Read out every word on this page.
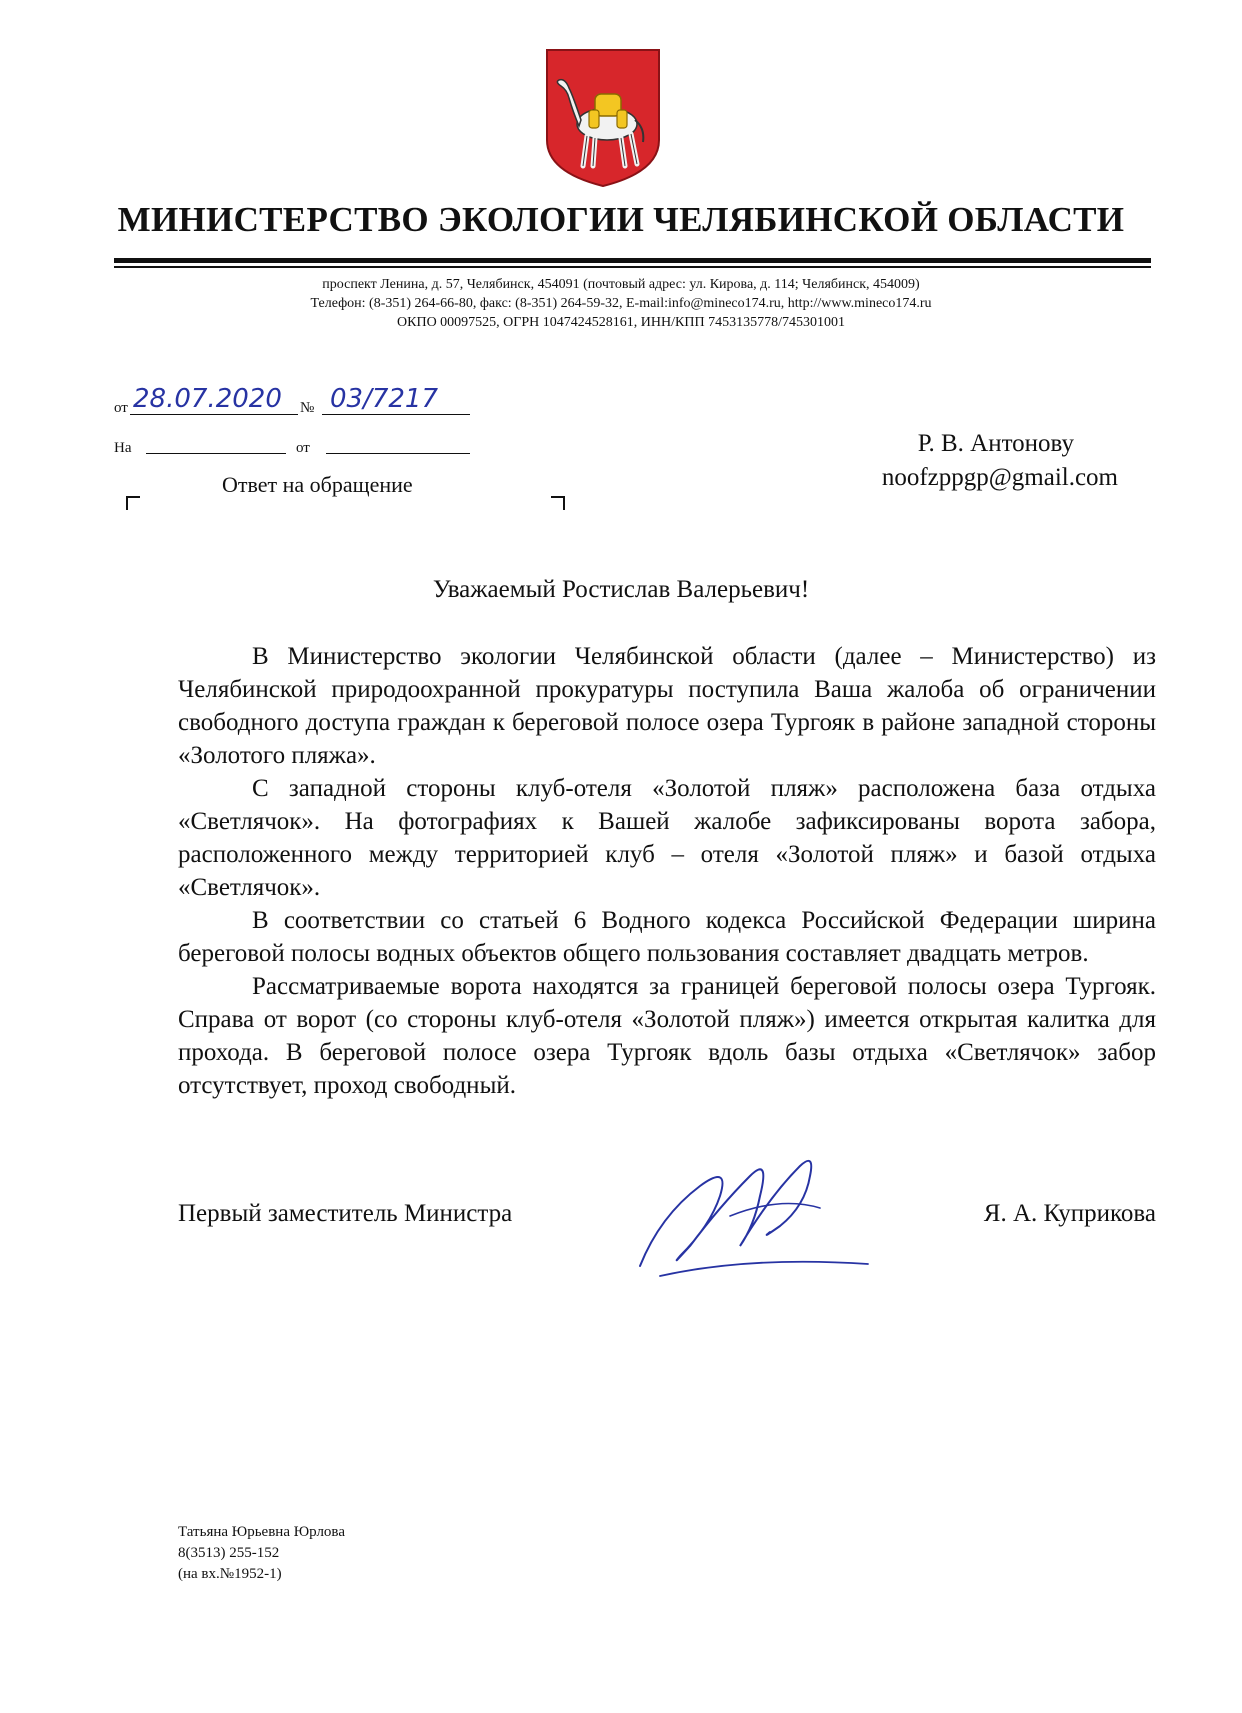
МИНИСТЕРСТВО ЭКОЛОГИИ ЧЕЛЯБИНСКОЙ ОБЛАСТИ
проспект Ленина, д. 57, Челябинск, 454091 (почтовый адрес: ул. Кирова, д. 114; Челябинск, 454009)
Телефон: (8-351) 264-66-80, факс: (8-351) 264-59-32, E-mail:info@mineco174.ru, http://www.mineco174.ru
ОКПО 00097525, ОГРН 1047424528161, ИНН/КПП 7453135778/745301001
от 28.07.2020 № 03/7217
На	от
Ответ на обращение
Р. В. Антонову
noofzppgp@gmail.com
Уважаемый Ростислав Валерьевич!

В Министерство экологии Челябинской области (далее – Министерство) из Челябинской природоохранной прокуратуры поступила Ваша жалоба об ограничении свободного доступа граждан к береговой полосе озера Тургояк в районе западной стороны «Золотого пляжа».

С западной стороны клуб-отеля «Золотой пляж» расположена база отдыха «Светлячок». На фотографиях к Вашей жалобе зафиксированы ворота забора, расположенного между территорией клуб – отеля «Золотой пляж» и базой отдыха «Светлячок».

В соответствии со статьей 6 Водного кодекса Российской Федерации ширина береговой полосы водных объектов общего пользования составляет двадцать метров.

Рассматриваемые ворота находятся за границей береговой полосы озера Тургояк. Справа от ворот (со стороны клуб-отеля «Золотой пляж») имеется открытая калитка для прохода. В береговой полосе озера Тургояк вдоль базы отдыха «Светлячок» забор отсутствует, проход свободный.

Первый заместитель Министра	Я. А. Куприкова
Татьяна Юрьевна Юрлова
8(3513) 255-152
(на вх.№1952-1)
